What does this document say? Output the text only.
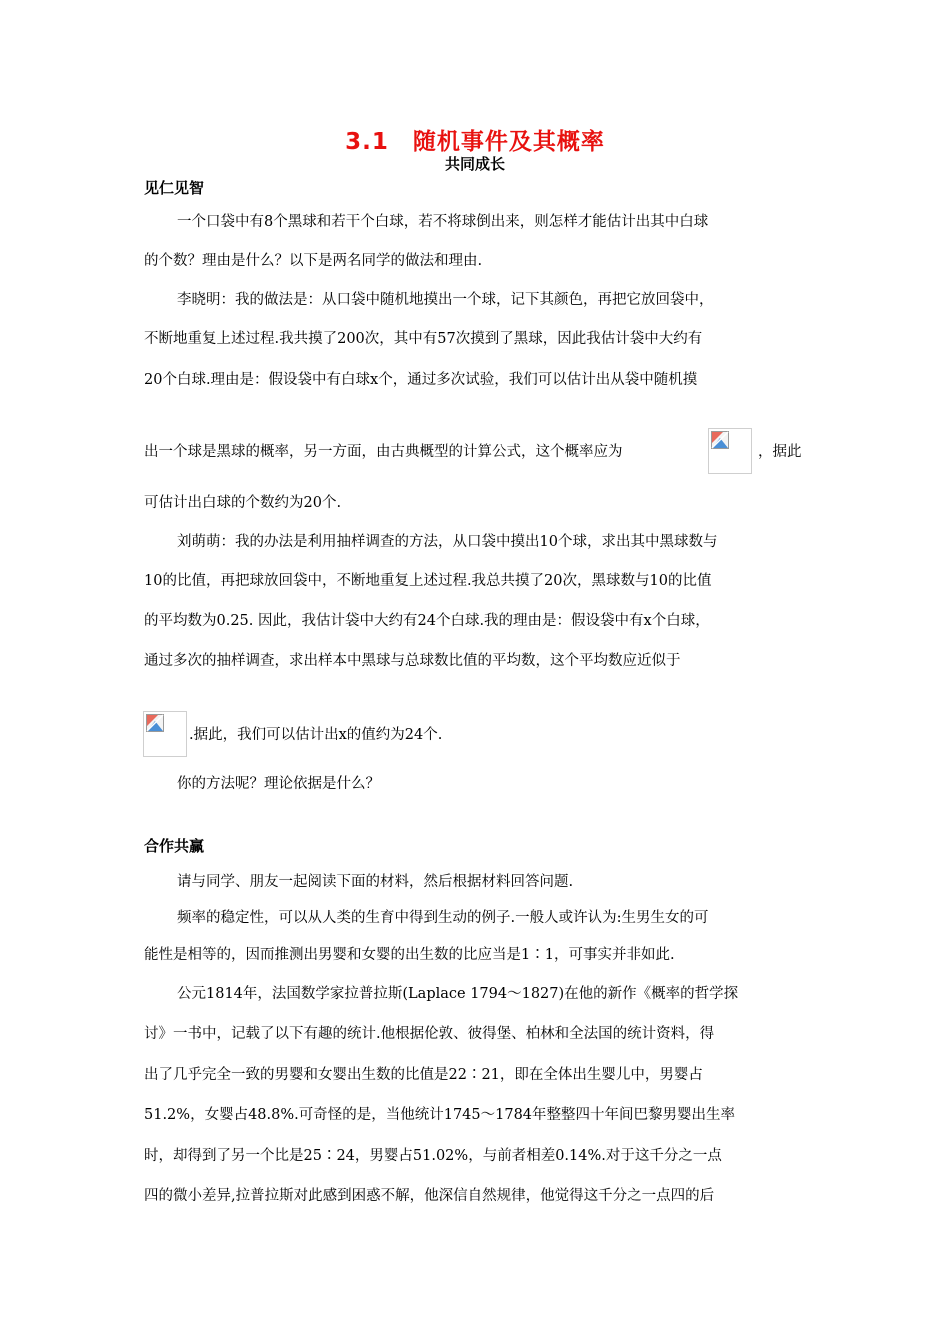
3.1　随机事件及其概率
共同成长
见仁见智
一个口袋中有8个黑球和若干个白球，若不将球倒出来，则怎样才能估计出其中白球
的个数？理由是什么？以下是两名同学的做法和理由.
李晓明：我的做法是：从口袋中随机地摸出一个球，记下其颜色，再把它放回袋中，
不断地重复上述过程.我共摸了200次，其中有57次摸到了黑球，因此我估计袋中大约有
20个白球.理由是：假设袋中有白球x个，通过多次试验，我们可以估计出从袋中随机摸
出一个球是黑球的概率，另一方面，由古典概型的计算公式，这个概率应为	，据此
可估计出白球的个数约为20个.
刘萌萌：我的办法是利用抽样调查的方法，从口袋中摸出10个球，求出其中黑球数与
10的比值，再把球放回袋中，不断地重复上述过程.我总共摸了20次，黑球数与10的比值
的平均数为0.25. 因此，我估计袋中大约有24个白球.我的理由是：假设袋中有x个白球，
通过多次的抽样调查，求出样本中黑球与总球数比值的平均数，这个平均数应近似于
.据此，我们可以估计出x的值约为24个.
你的方法呢？理论依据是什么？
合作共赢
请与同学、朋友一起阅读下面的材料，然后根据材料回答问题.
频率的稳定性，可以从人类的生育中得到生动的例子.一般人或许认为:生男生女的可
能性是相等的，因而推测出男婴和女婴的出生数的比应当是1∶1，可事实并非如此.
公元1814年，法国数学家拉普拉斯(Laplace 1794～1827)在他的新作《概率的哲学探
讨》一书中，记载了以下有趣的统计.他根据伦敦、彼得堡、柏林和全法国的统计资料，得
出了几乎完全一致的男婴和女婴出生数的比值是22∶21，即在全体出生婴儿中，男婴占
51.2%，女婴占48.8%.可奇怪的是，当他统计1745～1784年整整四十年间巴黎男婴出生率
时，却得到了另一个比是25∶24，男婴占51.02%，与前者相差0.14%.对于这千分之一点
四的微小差异,拉普拉斯对此感到困惑不解，他深信自然规律，他觉得这千分之一点四的后
